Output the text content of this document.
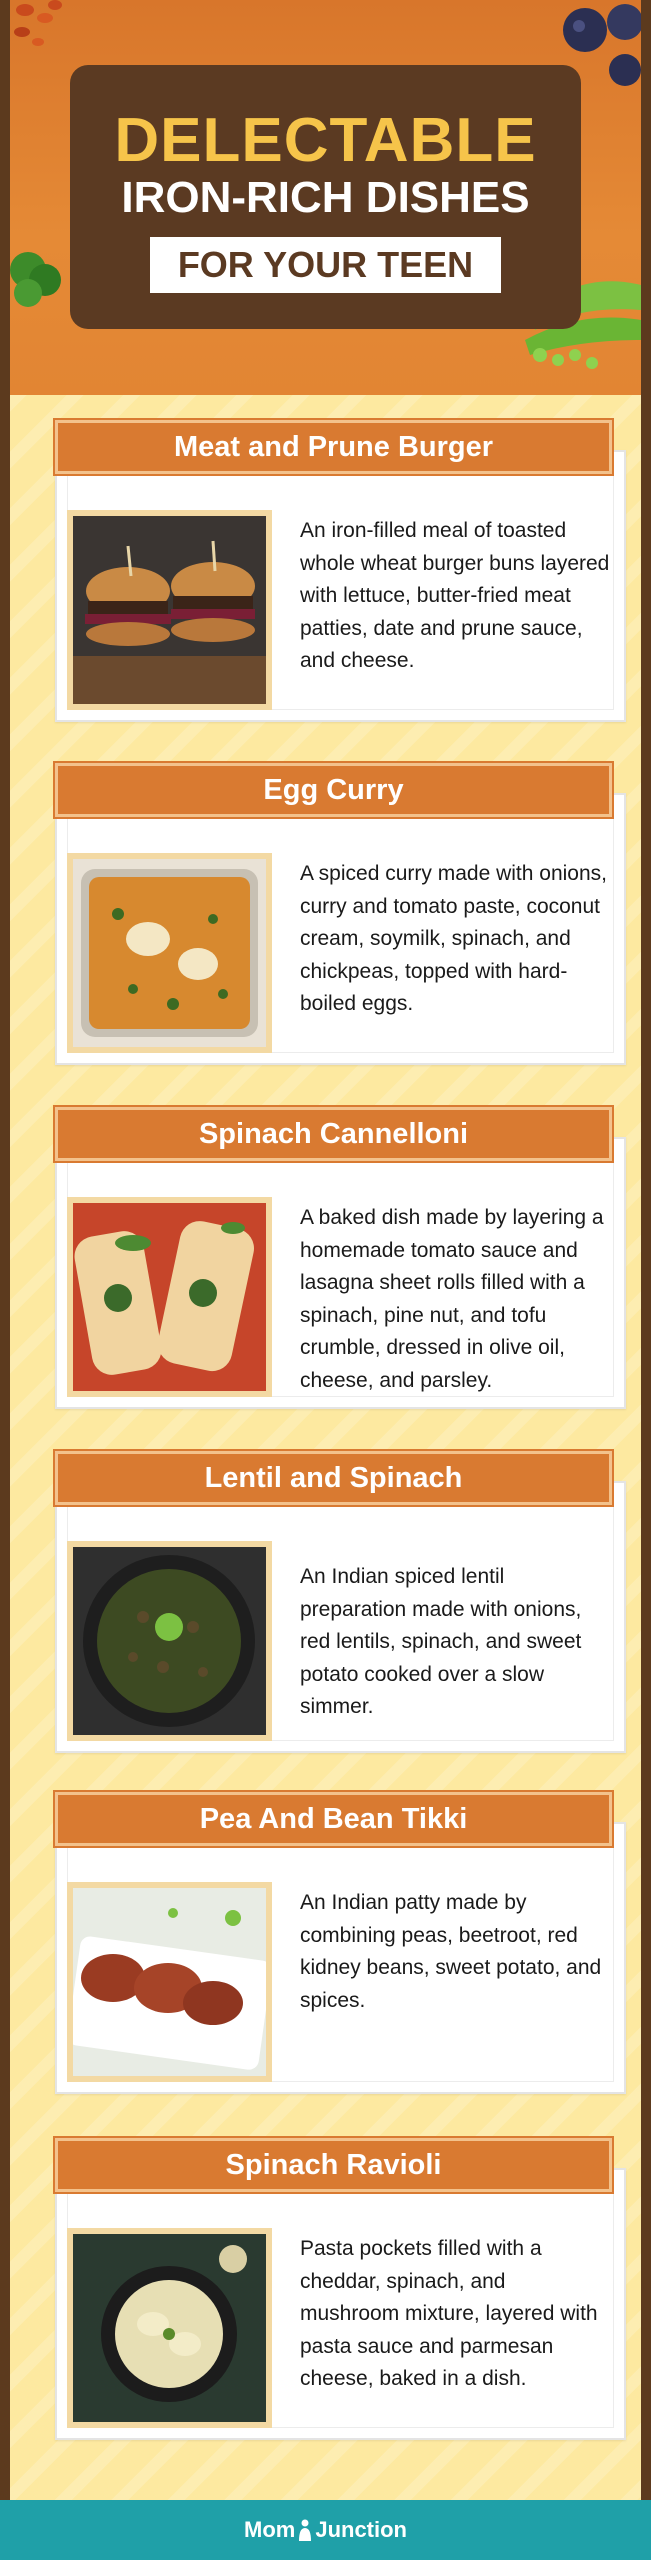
DELECTABLE
IRON-RICH DISHES
FOR YOUR TEEN
Meat and Prune Burger
An iron-filled meal of toasted whole wheat burger buns layered with lettuce, butter-fried meat patties, date and prune sauce, and cheese.
Egg Curry
A spiced curry made with onions, curry and tomato paste, coconut cream, soymilk, spinach, and chickpeas, topped with hard-boiled eggs.
Spinach Cannelloni
A baked dish made by layering a homemade tomato sauce and lasagna sheet rolls filled with a spinach, pine nut, and tofu crumble, dressed in olive oil, cheese, and parsley.
Lentil and Spinach
An Indian spiced lentil preparation made with onions, red lentils, spinach, and sweet potato cooked over a slow simmer.
Pea And Bean Tikki
An Indian patty made by combining peas, beetroot, red kidney beans, sweet potato, and spices.
Spinach Ravioli
Pasta pockets filled with a cheddar, spinach, and mushroom mixture, layered with pasta sauce and parmesan cheese, baked in a dish.
Mom Junction
